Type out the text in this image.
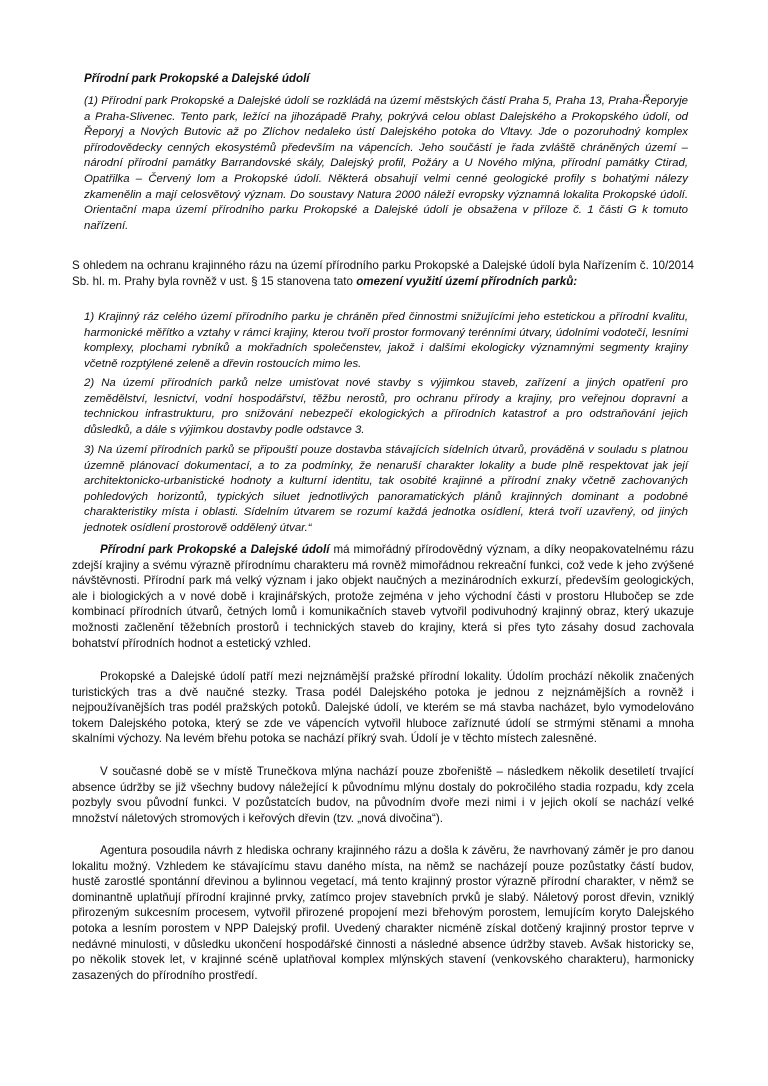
Přírodní park Prokopské a Dalejské údolí

(1) Přírodní park Prokopské a Dalejské údolí se rozkládá na území městských částí Praha 5, Praha 13, Praha-Řeporyje a Praha-Slivenec. Tento park, ležící na jihozápadě Prahy, pokrývá celou oblast Dalejského a Prokopského údolí, od Řeporyj a Nových Butovic až po Zlíchov nedaleko ústí Dalejského potoka do Vltavy. Jde o pozoruhodný komplex přírodovědecky cenných ekosystémů především na vápencích. Jeho součástí je řada zvláště chráněných území – národní přírodní památky Barrandovské skály, Dalejský profil, Požáry a U Nového mlýna, přírodní památky Ctirad, Opatřilka – Červený lom a Prokopské údolí. Některá obsahují velmi cenné geologické profily s bohatými nálezy zkamenělin a mají celosvětový význam. Do soustavy Natura 2000 náleží evropsky významná lokalita Prokopské údolí. Orientační mapa území přírodního parku Prokopské a Dalejské údolí je obsažena v příloze č. 1 části G k tomuto nařízení.

S ohledem na ochranu krajinného rázu na území přírodního parku Prokopské a Dalejské údolí byla Nařízením č. 10/2014 Sb. hl. m. Prahy byla rovněž v ust. § 15 stanovena tato omezení využití území přírodních parků:

1) Krajinný ráz celého území přírodního parku je chráněn před činnostmi snižujícími jeho estetickou a přírodní kvalitu, harmonické měřítko a vztahy v rámci krajiny, kterou tvoří prostor formovaný terénními útvary, údolními vodotečí, lesními komplexy, plochami rybníků a mokřadních společenstev, jakož i dalšími ekologicky významnými segmenty krajiny včetně rozptýlené zeleně a dřevin rostoucích mimo les.

2) Na území přírodních parků nelze umisťovat nové stavby s výjimkou staveb, zařízení a jiných opatření pro zemědělství, lesnictví, vodní hospodářství, těžbu nerostů, pro ochranu přírody a krajiny, pro veřejnou dopravní a technickou infrastrukturu, pro snižování nebezpečí ekologických a přírodních katastrof a pro odstraňování jejich důsledků, a dále s výjimkou dostavby podle odstavce 3.

3) Na území přírodních parků se připouští pouze dostavba stávajících sídelních útvarů, prováděná v souladu s platnou územně plánovací dokumentací, a to za podmínky, že nenaruší charakter lokality a bude plně respektovat jak její architektonicko-urbanistické hodnoty a kulturní identitu, tak osobité krajinné a přírodní znaky včetně zachovaných pohledových horizontů, typických siluet jednotlivých panoramatických plánů krajinných dominant a podobné charakteristiky místa i oblasti. Sídelním útvarem se rozumí každá jednotka osídlení, která tvoří uzavřený, od jiných jednotek osídlení prostorově oddělený útvar.“

Přírodní park Prokopské a Dalejské údolí má mimořádný přírodovědný význam, a díky neopakovatelnému rázu zdejší krajiny a svému výrazně přírodnímu charakteru má rovněž mimořádnou rekreační funkci, což vede k jeho zvýšené návštěvnosti. Přírodní park má velký význam i jako objekt naučných a mezinárodních exkurzí, především geologických, ale i biologických a v nové době i krajinářských, protože zejména v jeho východní části v prostoru Hlubočep se zde kombinací přírodních útvarů, četných lomů i komunikačních staveb vytvořil podivuhodný krajinný obraz, který ukazuje možnosti začlenění těžebních prostorů i technických staveb do krajiny, která si přes tyto zásahy dosud zachovala bohatství přírodních hodnot a estetický vzhled.

Prokopské a Dalejské údolí patří mezi nejznámější pražské přírodní lokality. Údolím prochází několik značených turistických tras a dvě naučné stezky. Trasa podél Dalejského potoka je jednou z nejznámějších a rovněž i nejpoužívanějších tras podél pražských potoků. Dalejské údolí, ve kterém se má stavba nacházet, bylo vymodelováno tokem Dalejského potoka, který se zde ve vápencích vytvořil hluboce zaříznuté údolí se strmými stěnami a mnoha skalními výchozy. Na levém břehu potoka se nachází příkrý svah. Údolí je v těchto místech zalesněné.

V současné době se v místě Trunečkova mlýna nachází pouze zbořeniště – následkem několik desetiletí trvající absence údržby se již všechny budovy náležející k původnímu mlýnu dostaly do pokročilého stadia rozpadu, kdy zcela pozbyly svou původní funkci. V pozůstatcích budov, na původním dvoře mezi nimi i v jejich okolí se nachází velké množství náletových stromových i keřových dřevin (tzv. „nová divočina“).

Agentura posoudila návrh z hlediska ochrany krajinného rázu a došla k závěru, že navrhovaný záměr je pro danou lokalitu možný. Vzhledem ke stávajícímu stavu daného místa, na němž se nacházejí pouze pozůstatky částí budov, hustě zarostlé spontánní dřevinou a bylinnou vegetací, má tento krajinný prostor výrazně přírodní charakter, v němž se dominantně uplatňují přírodní krajinné prvky, zatímco projev stavebních prvků je slabý. Náletový porost dřevin, vzniklý přirozeným sukcesním procesem, vytvořil přirozené propojení mezi břehovým porostem, lemujícím koryto Dalejského potoka a lesním porostem v NPP Dalejský profil. Uvedený charakter nicméně získal dotčený krajinný prostor teprve v nedávné minulosti, v důsledku ukončení hospodářské činnosti a následné absence údržby staveb. Avšak historicky se, po několik stovek let, v krajinné scéně uplatňoval komplex mlýnských stavení (venkovského charakteru), harmonicky zasazených do přírodního prostředí.
